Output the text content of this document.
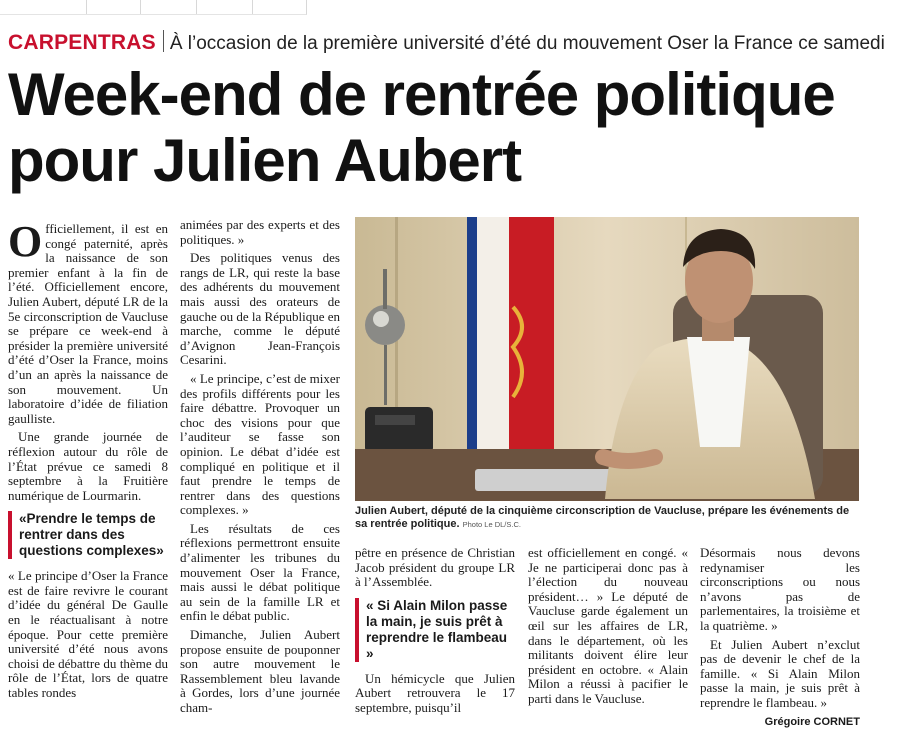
CARPENTRAS À l’occasion de la première université d’été du mouvement Oser la France ce samedi
Week-end de rentrée politique pour Julien Aubert

Officiellement, il est en congé paternité, après la naissance de son premier enfant à la fin de l’été. Officiellement encore, Julien Aubert, député LR de la 5e circonscription de Vaucluse se prépare ce week-end à présider la première université d’été d’Oser la France, moins d’un an après la naissance de son mouvement. Un laboratoire d’idée de filiation gaulliste.

Une grande journée de réflexion autour du rôle de l’État prévue ce samedi 8 septembre à la Fruitière numérique de Lourmarin.

«Prendre le temps de rentrer dans des questions complexes»

« Le principe d’Oser la France est de faire revivre le courant d’idée du général De Gaulle en le réactualisant à notre époque. Pour cette première université d’été nous avons choisi de débattre du thème du rôle de l’État, lors de quatre tables rondes

animées par des experts et des politiques. »

Des politiques venus des rangs de LR, qui reste la base des adhérents du mouvement mais aussi des orateurs de gauche ou de la République en marche, comme le député d’Avignon Jean-François Cesarini.

« Le principe, c’est de mixer des profils différents pour les faire débattre. Provoquer un choc des visions pour que l’auditeur se fasse son opinion. Le débat d’idée est compliqué en politique et il faut prendre le temps de rentrer dans des questions complexes. »

Les résultats de ces réflexions permettront ensuite d’alimenter les tribunes du mouvement Oser la France, mais aussi le débat politique au sein de la famille LR et enfin le débat public.

Dimanche, Julien Aubert propose ensuite de pouponner son autre mouvement le Rassemblement bleu lavande à Gordes, lors d’une journée cham-

Julien Aubert, député de la cinquième circonscription de Vaucluse, prépare les événements de sa rentrée politique. Photo Le DL/S.C.

pêtre en présence de Christian Jacob président du groupe LR à l’Assemblée.

« Si Alain Milon passe la main, je suis prêt à reprendre le flambeau »

Un hémicycle que Julien Aubert retrouvera le 17 septembre, puisqu’il

est officiellement en congé. « Je ne participerai donc pas à l’élection du nouveau président… » Le député de Vaucluse garde également un œil sur les affaires de LR, dans le département, où les militants doivent élire leur président en octobre. « Alain Milon a réussi à pacifier le parti dans le Vaucluse.

Désormais nous devons redynamiser les circonscriptions ou nous n’avons pas de parlementaires, la troisième et la quatrième. »

Et Julien Aubert n’exclut pas de devenir le chef de la famille. « Si Alain Milon passe la main, je suis prêt à reprendre le flambeau. »

Grégoire CORNET
